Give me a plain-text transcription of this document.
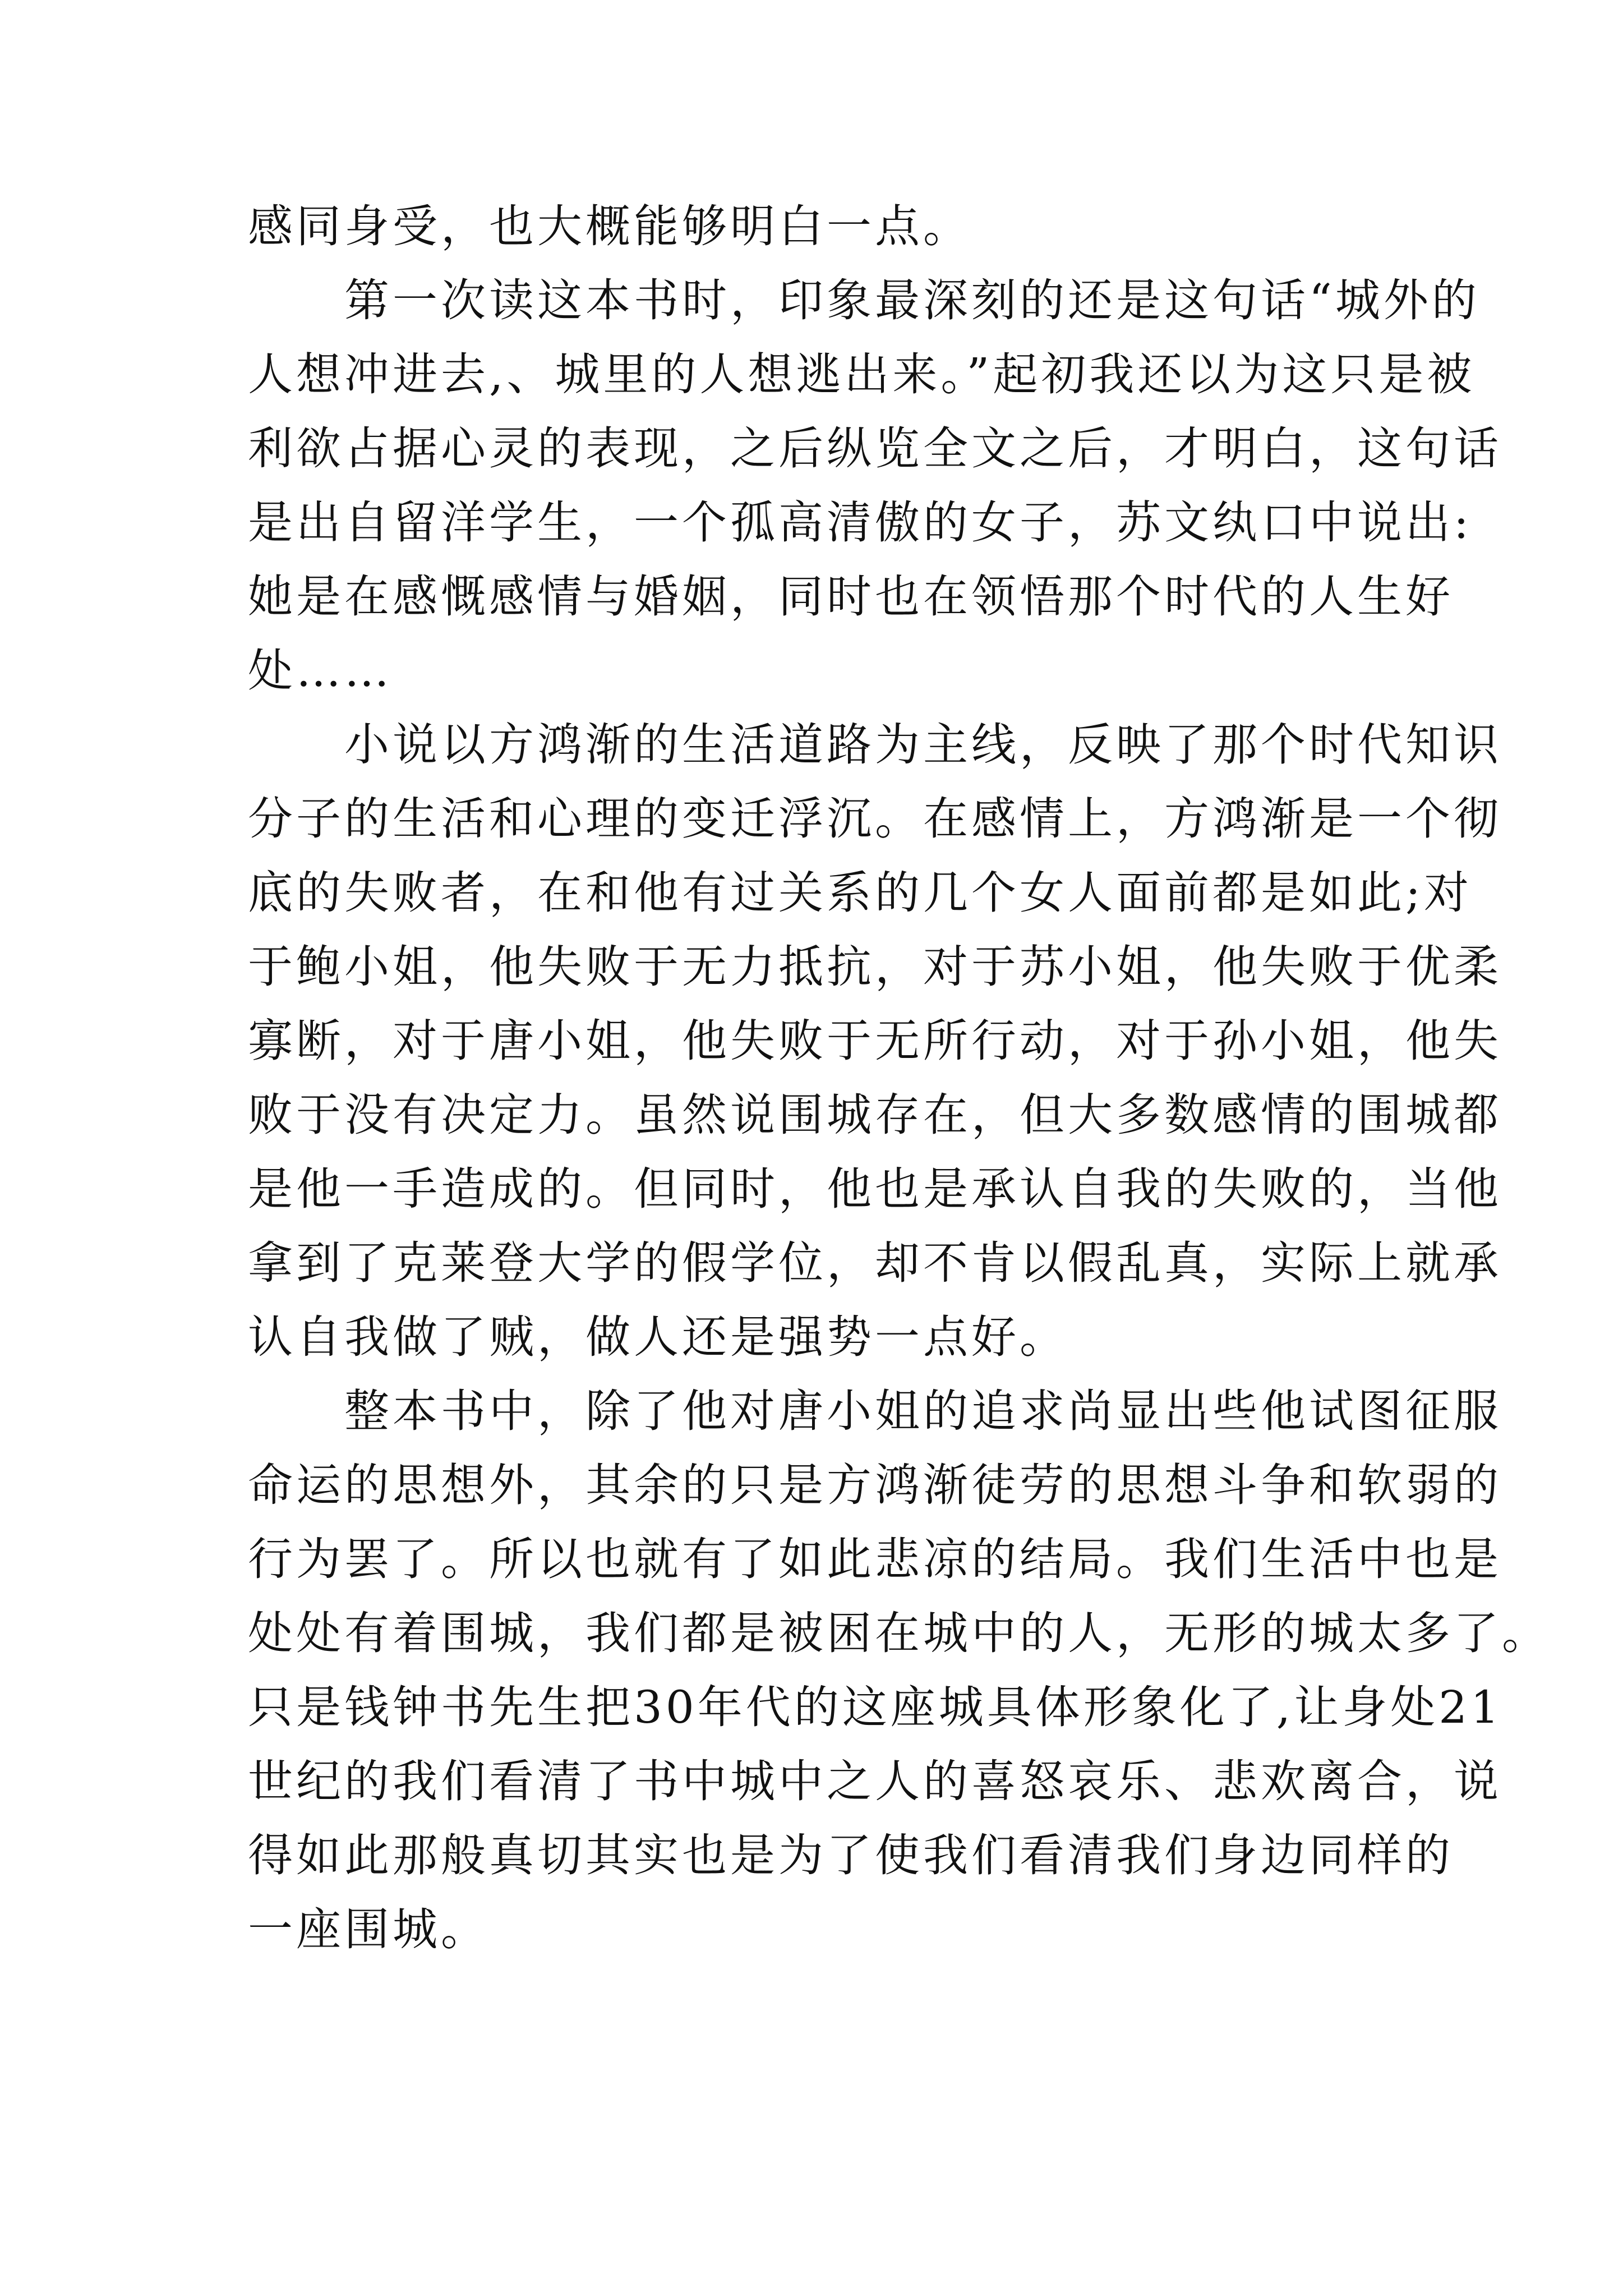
感同身受，也大概能够明白一点。
　　第一次读这本书时，印象最深刻的还是这句话“城外的
人想冲进去,、城里的人想逃出来。”起初我还以为这只是被
利欲占据心灵的表现，之后纵览全文之后，才明白，这句话
是出自留洋学生，一个孤高清傲的女子，苏文纨口中说出:
她是在感慨感情与婚姻，同时也在领悟那个时代的人生好
处……
　　小说以方鸿渐的生活道路为主线，反映了那个时代知识
分子的生活和心理的变迁浮沉。在感情上，方鸿渐是一个彻
底的失败者，在和他有过关系的几个女人面前都是如此;对
于鲍小姐，他失败于无力抵抗，对于苏小姐，他失败于优柔
寡断，对于唐小姐，他失败于无所行动，对于孙小姐，他失
败于没有决定力。虽然说围城存在，但大多数感情的围城都
是他一手造成的。但同时，他也是承认自我的失败的，当他
拿到了克莱登大学的假学位，却不肯以假乱真，实际上就承
认自我做了贼，做人还是强势一点好。
　　整本书中，除了他对唐小姐的追求尚显出些他试图征服
命运的思想外，其余的只是方鸿渐徒劳的思想斗争和软弱的
行为罢了。所以也就有了如此悲凉的结局。我们生活中也是
处处有着围城，我们都是被困在城中的人，无形的城太多了。
只是钱钟书先生把30年代的这座城具体形象化了,让身处21
世纪的我们看清了书中城中之人的喜怒哀乐、悲欢离合，说
得如此那般真切其实也是为了使我们看清我们身边同样的
一座围城。
